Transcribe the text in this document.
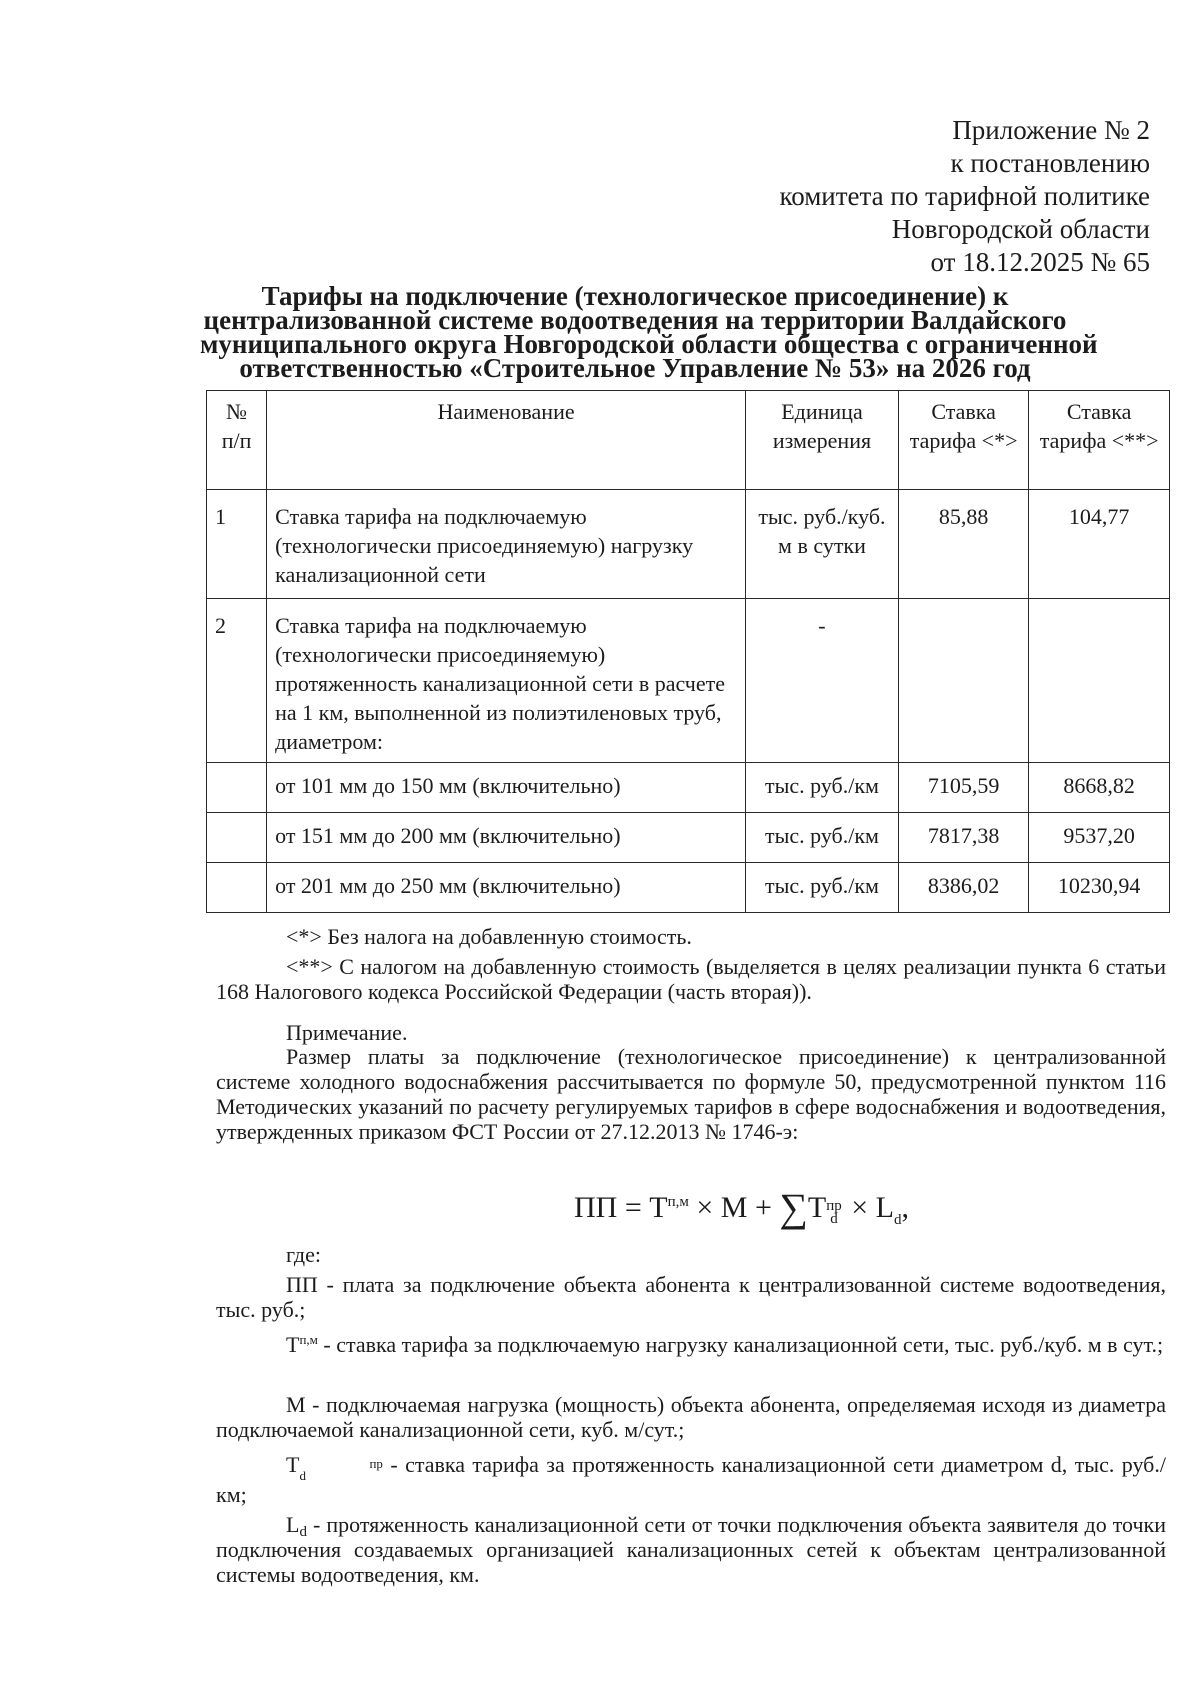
Приложение № 2
к постановлению
комитета по тарифной политике
Новгородской области
от 18.12.2025 № 65
Тарифы на подключение (технологическое присоединение) к
централизованной системе водоотведения на территории Валдайского
муниципального округа Новгородской области общества с ограниченной
ответственностью «Строительное Управление № 53» на 2026 год
№ п/п	Наименование	Единица измерения	Ставка тарифа <*>	Ставка тарифа <**>
1	Ставка тарифа на подключаемую (технологически присоединяемую) нагрузку канализационной сети	тыс. руб./куб. м в сутки	85,88	104,77
2	Ставка тарифа на подключаемую (технологически присоединяемую) протяженность канализационной сети в расчете на 1 км, выполненной из полиэтиленовых труб, диаметром:	-		
	от 101 мм до 150 мм (включительно)	тыс. руб./км	7105,59	8668,82
	от 151 мм до 200 мм (включительно)	тыс. руб./км	7817,38	9537,20
	от 201 мм до 250 мм (включительно)	тыс. руб./км	8386,02	10230,94
<*> Без налога на добавленную стоимость.
<**> С налогом на добавленную стоимость (выделяется в целях реализации пункта 6 статьи 168 Налогового кодекса Российской Федерации (часть вторая)).
Примечание.
Размер платы за подключение (технологическое присоединение) к централизованной системе холодного водоснабжения рассчитывается по формуле 50, предусмотренной пунктом 116 Методических указаний по расчету регулируемых тарифов в сфере водоснабжения и водоотведения, утвержденных приказом ФСТ России от 27.12.2013 № 1746-э:
ПП = $Т^{п,м} \times М + \sum Тпр$
$d \times L_d$,
где:
ПП - плата за подключение объекта абонента к централизованной системе водоотведения, тыс. руб.;
$Т^{п,м}$ - ставка тарифа за подключаемую нагрузку канализационной сети, тыс. руб./куб. м в сут.;
М - подключаемая нагрузка (мощность) объекта абонента, определяемая исходя из диаметра подключаемой канализационной сети, куб. м/сут.;
Т	пр
d	- ставка тарифа за протяженность канализационной сети диаметром d, тыс. руб./км;
$L_d$ - протяженность канализационной сети от точки подключения объекта заявителя до точки подключения создаваемых организацией канализационных сетей к объектам централизованной системы водоотведения, км.
